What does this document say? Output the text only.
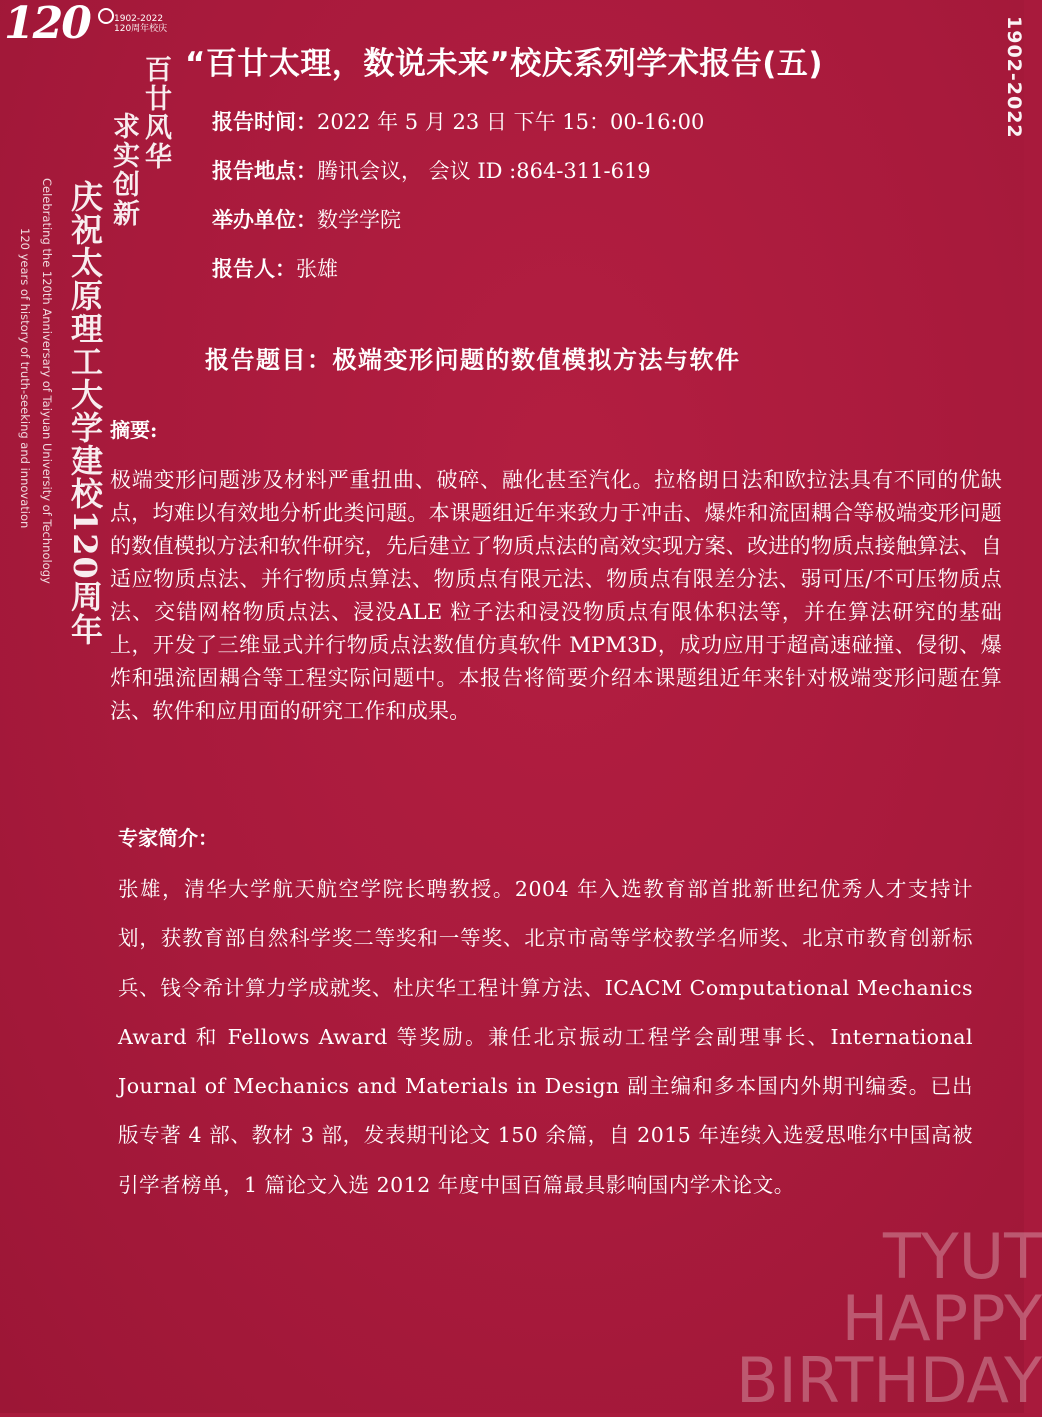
120	1902-2022
120周年校庆
百廿风华
求实创新
庆祝太原理工大学建校120周年
Celebrating the 120th Anniversary of Taiyuan University of Technology
120 years of history of truth-seeking and innovation
1902-2022
TYUT
HAPPY
BIRTHDAY
“百廿太理，数说未来”校庆系列学术报告(五)
报告时间：2022 年 5 月 23 日 下午 15：00-16:00
报告地点：腾讯会议， 会议 ID :864-311-619
举办单位：数学学院
报告人：张雄
报告题目：极端变形问题的数值模拟方法与软件
摘要:
极端变形问题涉及材料严重扭曲、破碎、融化甚至汽化。拉格朗日法和欧拉法具有不同的优缺点，均难以有效地分析此类问题。本课题组近年来致力于冲击、爆炸和流固耦合等极端变形问题的数值模拟方法和软件研究，先后建立了物质点法的高效实现方案、改进的物质点接触算法、自适应物质点法、并行物质点算法、物质点有限元法、物质点有限差分法、弱可压/不可压物质点法、交错网格物质点法、浸没ALE 粒子法和浸没物质点有限体积法等，并在算法研究的基础上，开发了三维显式并行物质点法数值仿真软件 MPM3D，成功应用于超高速碰撞、侵彻、爆炸和强流固耦合等工程实际问题中。本报告将简要介绍本课题组近年来针对极端变形问题在算法、软件和应用面的研究工作和成果。
专家简介：
张雄，清华大学航天航空学院长聘教授。2004 年入选教育部首批新世纪优秀人才支持计划，获教育部自然科学奖二等奖和一等奖、北京市高等学校教学名师奖、北京市教育创新标兵、钱令希计算力学成就奖、杜庆华工程计算方法、ICACM Computational Mechanics Award 和 Fellows Award 等奖励。兼任北京振动工程学会副理事长、International Journal of Mechanics and Materials in Design 副主编和多本国内外期刊编委。已出版专著 4 部、教材 3 部，发表期刊论文 150 余篇，自 2015 年连续入选爱思唯尔中国高被引学者榜单，1 篇论文入选 2012 年度中国百篇最具影响国内学术论文。
